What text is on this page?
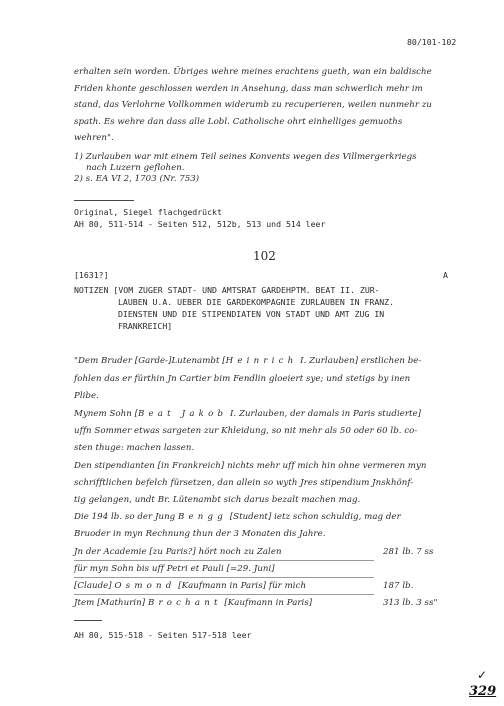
80/101-102
erhalten sein worden. Übriges wehre meines erachtens gueth, wan ein baldische
Friden khonte geschlossen werden in Ansehung, dass man schwerlich mehr im
stand, das Verlohrne Vollkommen widerumb zu recuperieren, weilen nunmehr zu
spath. Es wehre dan dass alle Lobl. Catholische ohrt einhelliges gemuoths
wehren".
1) Zurlauben war mit einem Teil seines Konvents wegen des Villmergerkriegs
nach Luzern geflohen.
2) s. EA VI 2, 1703 (Nr. 753)
Original, Siegel flachgedrückt
AH 80, 511-514 - Seiten 512, 512b, 513 und 514 leer
102
[1631?]	A
NOTIZEN [VOM ZUGER STADT- UND AMTSRAT GARDEHPTM. BEAT II. ZUR-
LAUBEN U.A. UEBER DIE GARDEKOMPAGNIE ZURLAUBEN IN FRANZ.
DIENSTEN UND DIE STIPENDIATEN VON STADT UND AMT ZUG IN
FRANKREICH]
"Dem Bruder [Garde-]Lutenambt [Heinrich I. Zurlauben] erstlichen be-
fohlen das er fürthin Jn Cartier bim Fendlin gloeiert sye; und stetigs by inen
Plibe.
Mynem Sohn [Beat Jakob I. Zurlauben, der damals in Paris studierte]
uffn Sommer etwas sargeten zur Khleidung, so nit mehr als 50 oder 60 lb. co-
sten thuge: machen lassen.
Den stipendianten [in Frankreich] nichts mehr uff mich hin ohne vermeren myn
schrifftlichen befelch fürsetzen, dan allein so wyth Jres stipendium Jnskhönf-
tig gelangen, undt Br. Lütenambt sich darus bezalt machen mag.
Die 194 lb. so der Jung Bengg [Student] ietz schon schuldig, mag der
Bruoder in myn Rechnung thun der 3 Monaten dis Jahre.
Jn der Academie [zu Paris?] hört noch zu Zalen	281 lb. 7 ss
für myn Sohn bis uff Petri et Pauli [=29. Juni]
[Claude] Osmond [Kaufmann in Paris] für mich	187 lb.
Jtem [Mathurin] Brochant [Kaufmann in Paris]	313 lb. 3 ss"
AH 80, 515-518 - Seiten 517-518 leer
✓
329
